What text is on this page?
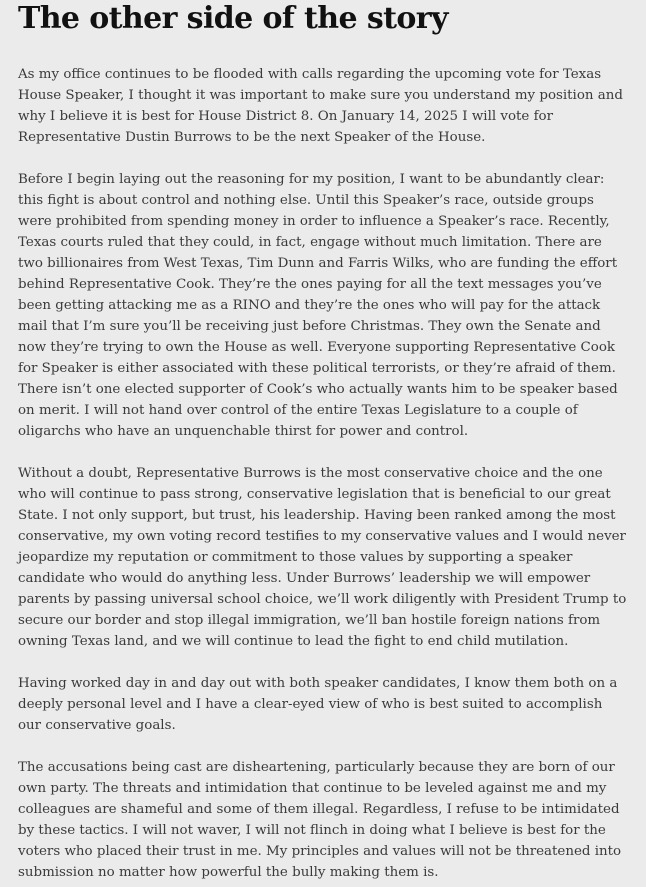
The other side of the story

As my office continues to be flooded with calls regarding the upcoming vote for Texas House Speaker, I thought it was important to make sure you understand my position and why I believe it is best for House District 8. On January 14, 2025 I will vote for Representative Dustin Burrows to be the next Speaker of the House.

Before I begin laying out the reasoning for my position, I want to be abundantly clear: this fight is about control and nothing else. Until this Speaker’s race, outside groups were prohibited from spending money in order to influence a Speaker’s race. Recently, Texas courts ruled that they could, in fact, engage without much limitation. There are two billionaires from West Texas, Tim Dunn and Farris Wilks, who are funding the effort behind Representative Cook. They’re the ones paying for all the text messages you’ve been getting attacking me as a RINO and they’re the ones who will pay for the attack mail that I’m sure you’ll be receiving just before Christmas. They own the Senate and now they’re trying to own the House as well. Everyone supporting Representative Cook for Speaker is either associated with these political terrorists, or they’re afraid of them. There isn’t one elected supporter of Cook’s who actually wants him to be speaker based on merit. I will not hand over control of the entire Texas Legislature to a couple of oligarchs who have an unquenchable thirst for power and control.

Without a doubt, Representative Burrows is the most conservative choice and the one who will continue to pass strong, conservative legislation that is beneficial to our great State. I not only support, but trust, his leadership. Having been ranked among the most conservative, my own voting record testifies to my conservative values and I would never jeopardize my reputation or commitment to those values by supporting a speaker candidate who would do anything less. Under Burrows’ leadership we will empower parents by passing universal school choice, we’ll work diligently with President Trump to secure our border and stop illegal immigration, we’ll ban hostile foreign nations from owning Texas land, and we will continue to lead the fight to end child mutilation.

Having worked day in and day out with both speaker candidates, I know them both on a deeply personal level and I have a clear-eyed view of who is best suited to accomplish our conservative goals.

The accusations being cast are disheartening, particularly because they are born of our own party. The threats and intimidation that continue to be leveled against me and my colleagues are shameful and some of them illegal. Regardless, I refuse to be intimidated by these tactics. I will not waver, I will not flinch in doing what I believe is best for the voters who placed their trust in me. My principles and values will not be threatened into submission no matter how powerful the bully making them is.
